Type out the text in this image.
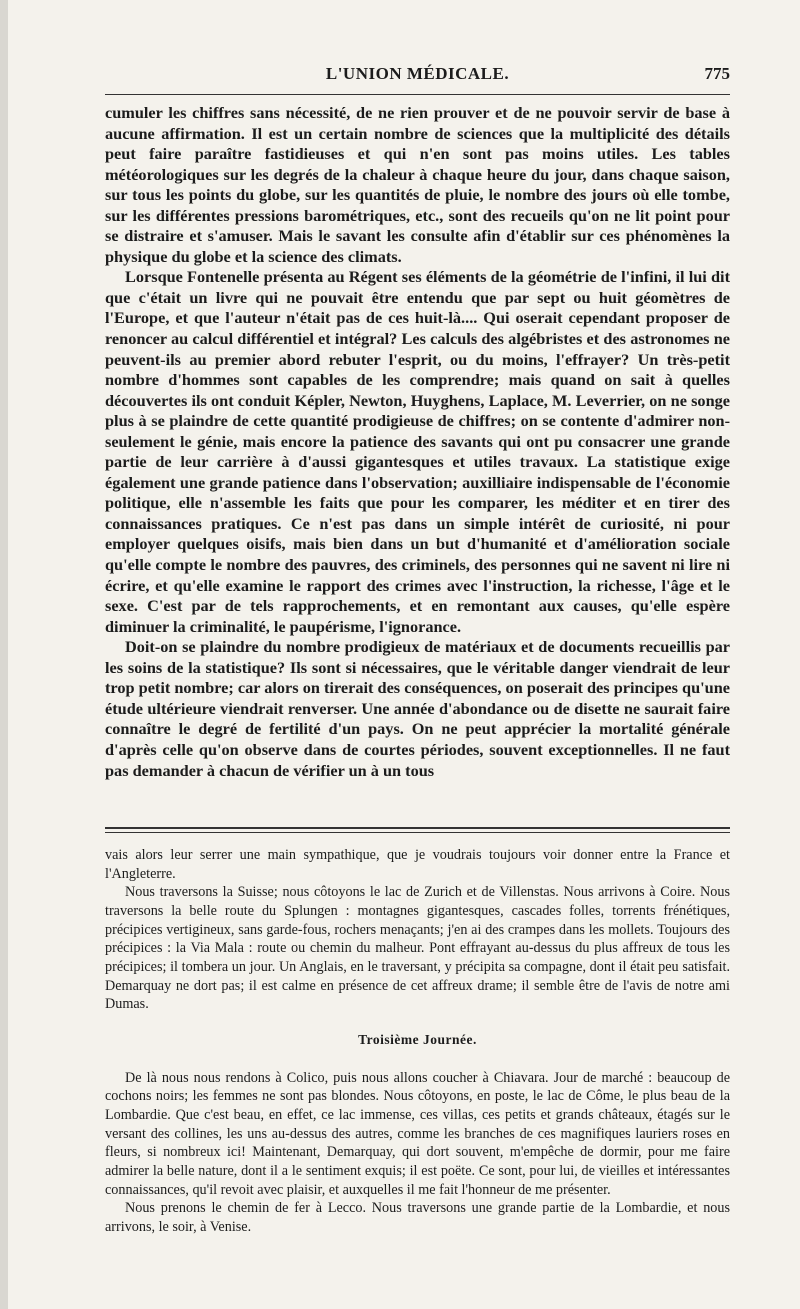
L'UNION MÉDICALE.	775

cumuler les chiffres sans nécessité, de ne rien prouver et de ne pouvoir servir de base à aucune affirmation. Il est un certain nombre de sciences que la multiplicité des détails peut faire paraître fastidieuses et qui n'en sont pas moins utiles. Les tables météorologiques sur les degrés de la chaleur à chaque heure du jour, dans chaque saison, sur tous les points du globe, sur les quantités de pluie, le nombre des jours où elle tombe, sur les différentes pressions barométriques, etc., sont des recueils qu'on ne lit point pour se distraire et s'amuser. Mais le savant les consulte afin d'établir sur ces phénomènes la physique du globe et la science des climats.

Lorsque Fontenelle présenta au Régent ses éléments de la géométrie de l'infini, il lui dit que c'était un livre qui ne pouvait être entendu que par sept ou huit géomètres de l'Europe, et que l'auteur n'était pas de ces huit-là.... Qui oserait cependant proposer de renoncer au calcul différentiel et intégral? Les calculs des algébristes et des astronomes ne peuvent-ils au premier abord rebuter l'esprit, ou du moins, l'effrayer? Un très-petit nombre d'hommes sont capables de les comprendre; mais quand on sait à quelles découvertes ils ont conduit Képler, Newton, Huyghens, Laplace, M. Leverrier, on ne songe plus à se plaindre de cette quantité prodigieuse de chiffres; on se contente d'admirer non-seulement le génie, mais encore la patience des savants qui ont pu consacrer une grande partie de leur carrière à d'aussi gigantesques et utiles travaux. La statistique exige également une grande patience dans l'observation; auxilliaire indispensable de l'économie politique, elle n'assemble les faits que pour les comparer, les méditer et en tirer des connaissances pratiques. Ce n'est pas dans un simple intérêt de curiosité, ni pour employer quelques oisifs, mais bien dans un but d'humanité et d'amélioration sociale qu'elle compte le nombre des pauvres, des criminels, des personnes qui ne savent ni lire ni écrire, et qu'elle examine le rapport des crimes avec l'instruction, la richesse, l'âge et le sexe. C'est par de tels rapprochements, et en remontant aux causes, qu'elle espère diminuer la criminalité, le paupérisme, l'ignorance.

Doit-on se plaindre du nombre prodigieux de matériaux et de documents recueillis par les soins de la statistique? Ils sont si nécessaires, que le véritable danger viendrait de leur trop petit nombre; car alors on tirerait des conséquences, on poserait des principes qu'une étude ultérieure viendrait renverser. Une année d'abondance ou de disette ne saurait faire connaître le degré de fertilité d'un pays. On ne peut apprécier la mortalité générale d'après celle qu'on observe dans de courtes périodes, souvent exceptionnelles. Il ne faut pas demander à chacun de vérifier un à un tous

vais alors leur serrer une main sympathique, que je voudrais toujours voir donner entre la France et l'Angleterre.

Nous traversons la Suisse; nous côtoyons le lac de Zurich et de Villenstas. Nous arrivons à Coire. Nous traversons la belle route du Splungen : montagnes gigantesques, cascades folles, torrents frénétiques, précipices vertigineux, sans garde-fous, rochers menaçants; j'en ai des crampes dans les mollets. Toujours des précipices : la Via Mala : route ou chemin du malheur. Pont effrayant au-dessus du plus affreux de tous les précipices; il tombera un jour. Un Anglais, en le traversant, y précipita sa compagne, dont il était peu satisfait. Demarquay ne dort pas; il est calme en présence de cet affreux drame; il semble être de l'avis de notre ami Dumas.

Troisième Journée.

De là nous nous rendons à Colico, puis nous allons coucher à Chiavara. Jour de marché : beaucoup de cochons noirs; les femmes ne sont pas blondes. Nous côtoyons, en poste, le lac de Côme, le plus beau de la Lombardie. Que c'est beau, en effet, ce lac immense, ces villas, ces petits et grands châteaux, étagés sur le versant des collines, les uns au-dessus des autres, comme les branches de ces magnifiques lauriers roses en fleurs, si nombreux ici! Maintenant, Demarquay, qui dort souvent, m'empêche de dormir, pour me faire admirer la belle nature, dont il a le sentiment exquis; il est poëte. Ce sont, pour lui, de vieilles et intéressantes connaissances, qu'il revoit avec plaisir, et auxquelles il me fait l'honneur de me présenter.

Nous prenons le chemin de fer à Lecco. Nous traversons une grande partie de la Lombardie, et nous arrivons, le soir, à Venise.
